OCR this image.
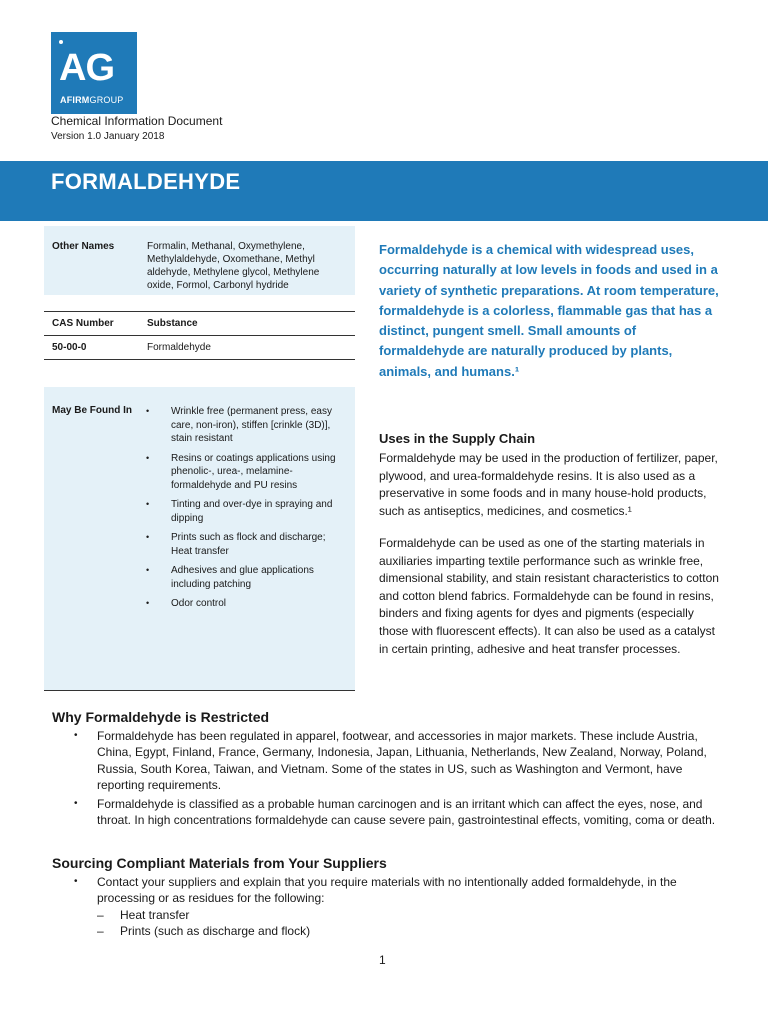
AG
AFIRMGROUP
Chemical Information Document
Version 1.0 January 2018
FORMALDEHYDE
Other Names	Formalin, Methanal, Oxymethylene, Methylaldehyde, Oxomethane, Methyl aldehyde, Methylene glycol, Methylene oxide, Formol, Carbonyl hydride
CAS Number	Substance
50-00-0	Formaldehyde
May Be Found In
•	Wrinkle free (permanent press, easy care, non-iron), stiffen [crinkle (3D)], stain resistant
• Resins or coatings applications using phenolic-, urea-, melamine-formaldehyde and PU resins
• Tinting and over-dye in spraying and dipping
• Prints such as flock and discharge; Heat transfer
• Adhesives and glue applications including patching
• Odor control

Formaldehyde is a chemical with widespread uses, occurring naturally at low levels in foods and used in a variety of synthetic preparations. At room temperature, formaldehyde is a colorless, flammable gas that has a distinct, pungent smell. Small amounts of formaldehyde are naturally produced by plants, animals, and humans.¹

Uses in the Supply Chain

Formaldehyde may be used in the production of fertilizer, paper, plywood, and urea-formaldehyde resins. It is also used as a preservative in some foods and in many house-hold products, such as antiseptics, medicines, and cosmetics.¹

Formaldehyde can be used as one of the starting materials in auxiliaries imparting textile performance such as wrinkle free, dimensional stability, and stain resistant characteristics to cotton and cotton blend fabrics. Formaldehyde can be found in resins, binders and fixing agents for dyes and pigments (especially those with fluorescent effects). It can also be used as a catalyst in certain printing, adhesive and heat transfer processes.

Why Formaldehyde is Restricted
• Formaldehyde has been regulated in apparel, footwear, and accessories in major markets. These include Austria, China, Egypt, Finland, France, Germany, Indonesia, Japan, Lithuania, Netherlands, New Zealand, Norway, Poland, Russia, South Korea, Taiwan, and Vietnam. Some of the states in US, such as Washington and Vermont, have reporting requirements.
• Formaldehyde is classified as a probable human carcinogen and is an irritant which can affect the eyes, nose, and throat. In high concentrations formaldehyde can cause severe pain, gastrointestinal effects, vomiting, coma or death.
Sourcing Compliant Materials from Your Suppliers
• Contact your suppliers and explain that you require materials with no intentionally added formaldehyde, in the processing or as residues for the following:
– Heat transfer
– Prints (such as discharge and flock)
1
